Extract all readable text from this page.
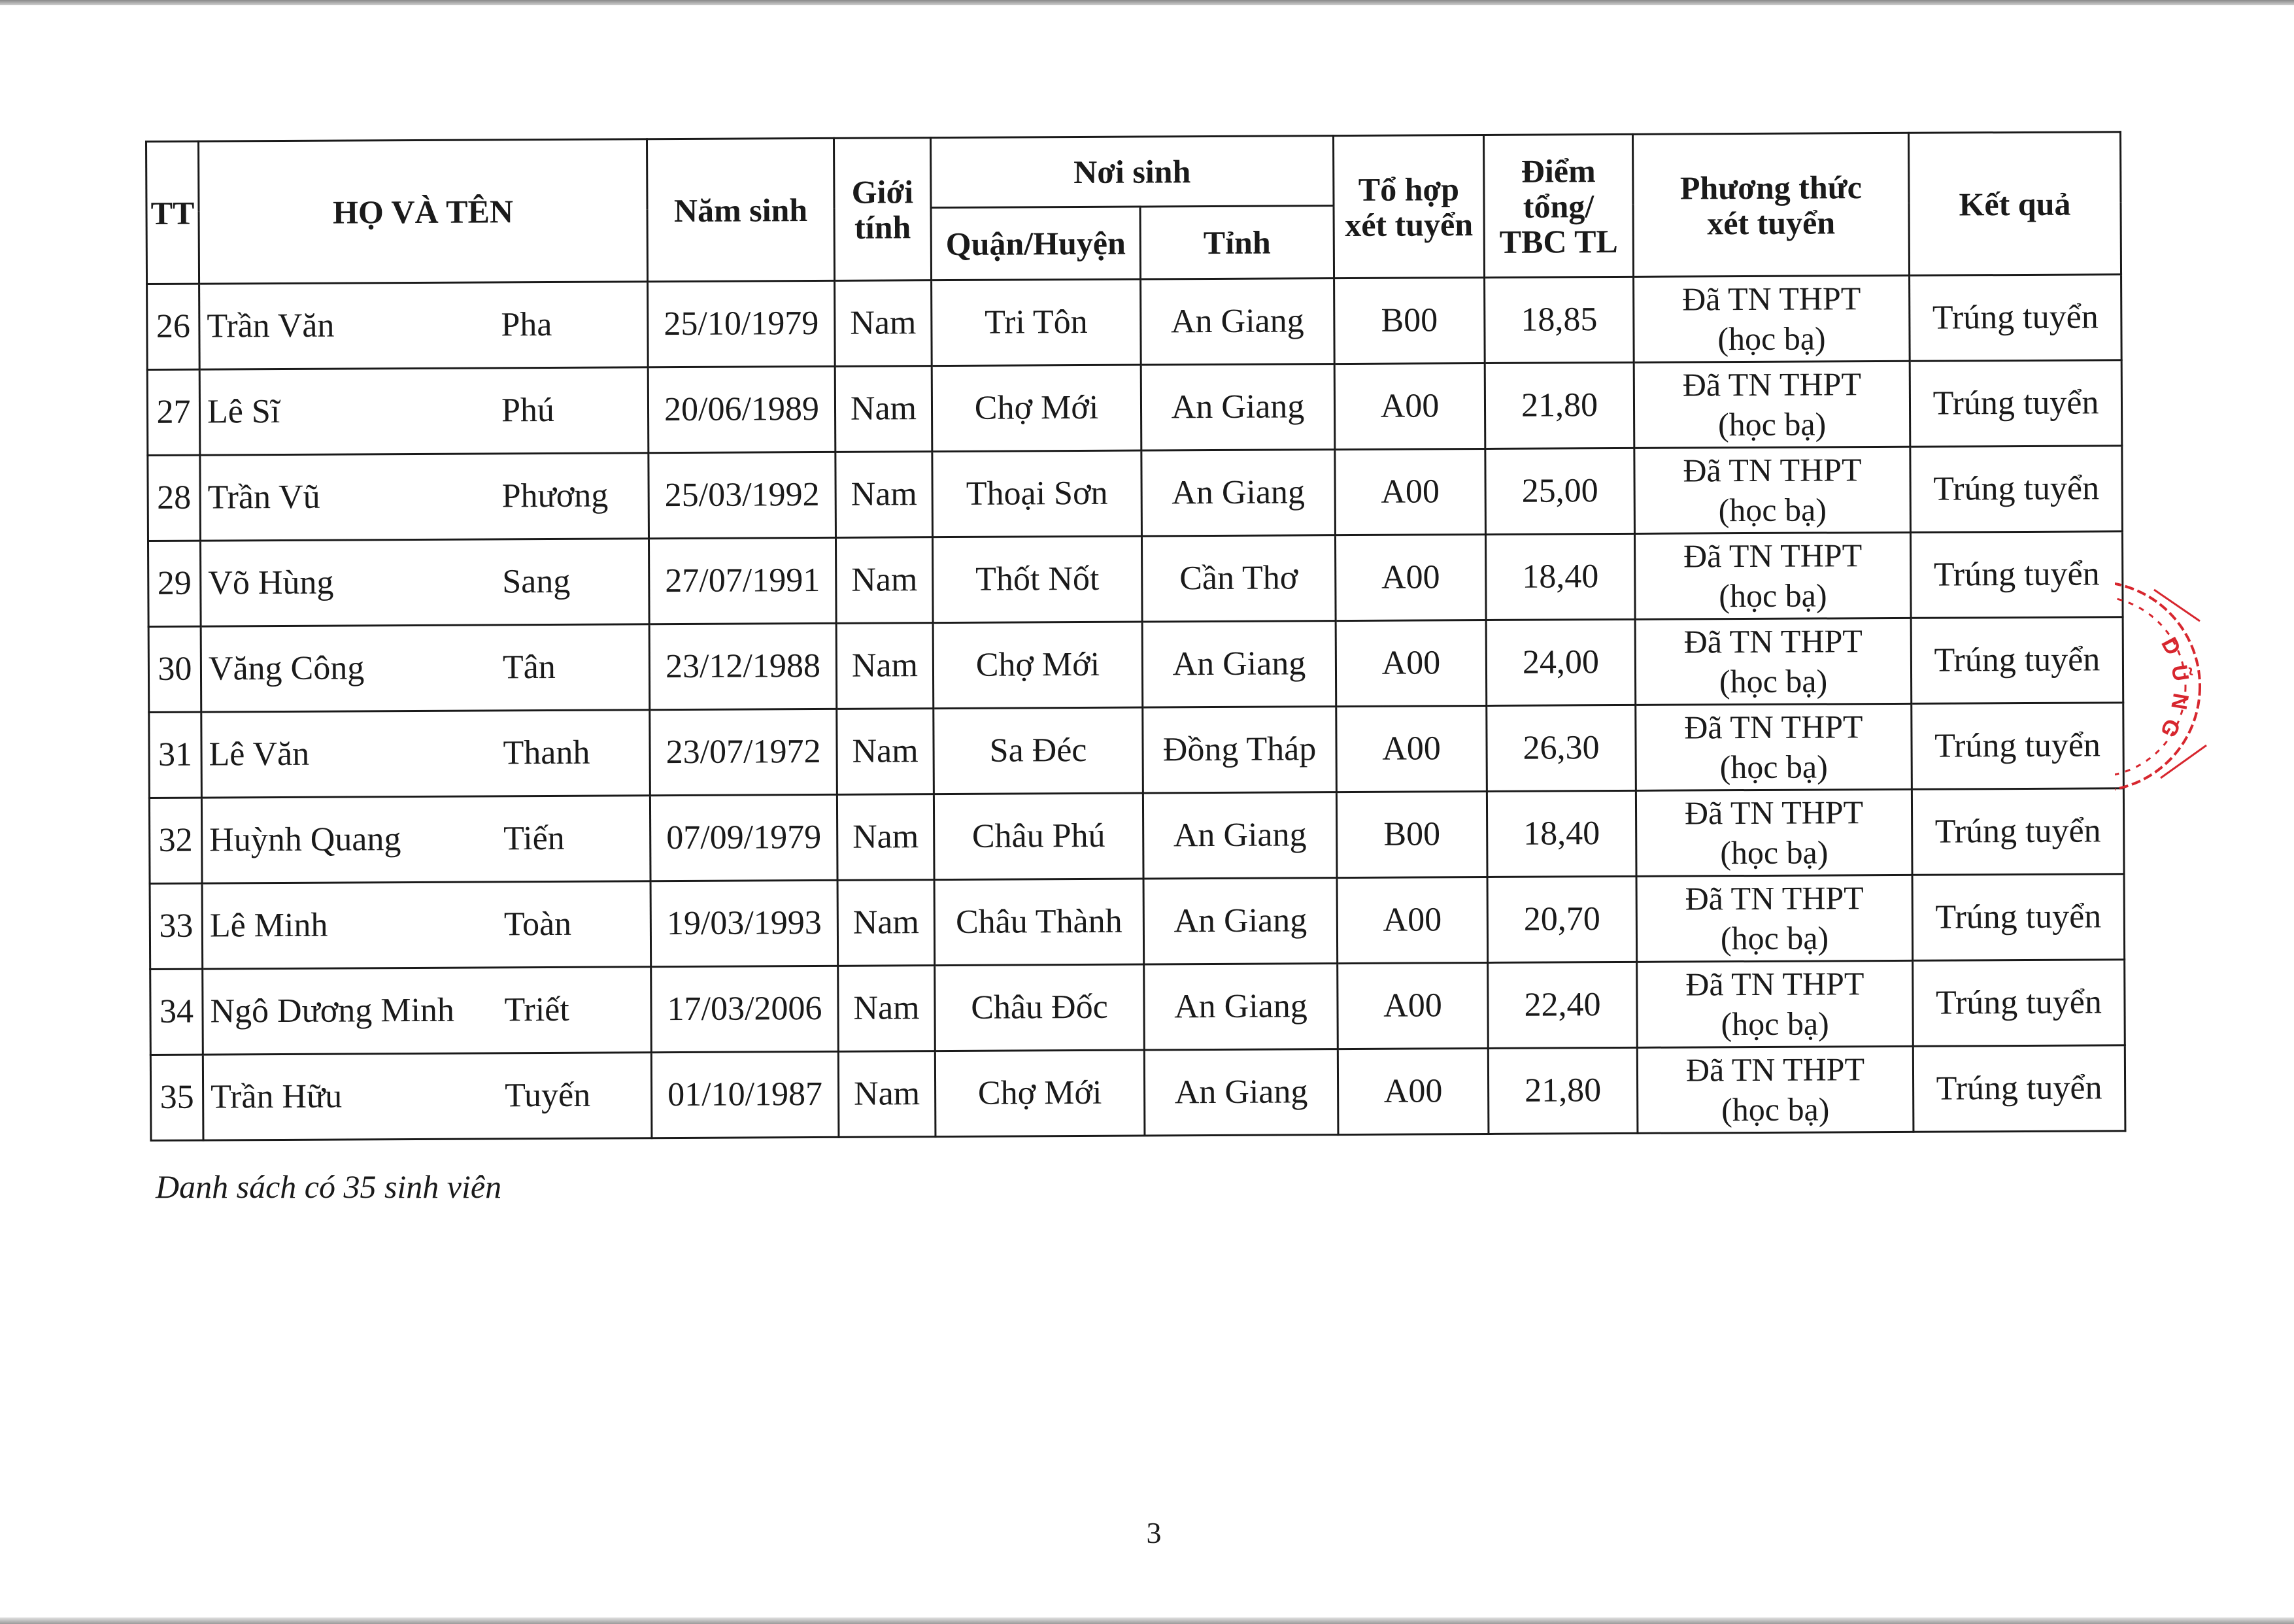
TT	HỌ VÀ TÊN	Năm sinh	Giới
tính	Nơi sinh		Tổ hợp
xét tuyển	Điểm
tổng/
TBC TL	Phương thức
xét tuyển	Kết quả
				Quận/Huyện	Tỉnh				
26	Trần Văn Pha	25/10/1979	Nam	Tri Tôn	An Giang	B00	18,85	Đã TN THPT
(học bạ)	Trúng tuyển
27	Lê Sĩ Phú	20/06/1989	Nam	Chợ Mới	An Giang	A00	21,80	Đã TN THPT
(học bạ)	Trúng tuyển
28	Trần Vũ Phương	25/03/1992	Nam	Thoại Sơn	An Giang	A00	25,00	Đã TN THPT
(học bạ)	Trúng tuyển
29	Võ Hùng Sang	27/07/1991	Nam	Thốt Nốt	Cần Thơ	A00	18,40	Đã TN THPT
(học bạ)	Trúng tuyển
30	Văng Công Tân	23/12/1988	Nam	Chợ Mới	An Giang	A00	24,00	Đã TN THPT
(học bạ)	Trúng tuyển
31	Lê Văn Thanh	23/07/1972	Nam	Sa Đéc	Đồng Tháp	A00	26,30	Đã TN THPT
(học bạ)	Trúng tuyển
32	Huỳnh Quang Tiến	07/09/1979	Nam	Châu Phú	An Giang	B00	18,40	Đã TN THPT
(học bạ)	Trúng tuyển
33	Lê Minh Toàn	19/03/1993	Nam	Châu Thành	An Giang	A00	20,70	Đã TN THPT
(học bạ)	Trúng tuyển
34	Ngô Dương Minh Triết	17/03/2006	Nam	Châu Đốc	An Giang	A00	22,40	Đã TN THPT
(học bạ)	Trúng tuyển
35	Trần Hữu Tuyến	01/10/1987	Nam	Chợ Mới	An Giang	A00	21,80	Đã TN THPT
(học bạ)	Trúng tuyển
Danh sách có 35 sinh viên
3
D
Ũ
N
G
